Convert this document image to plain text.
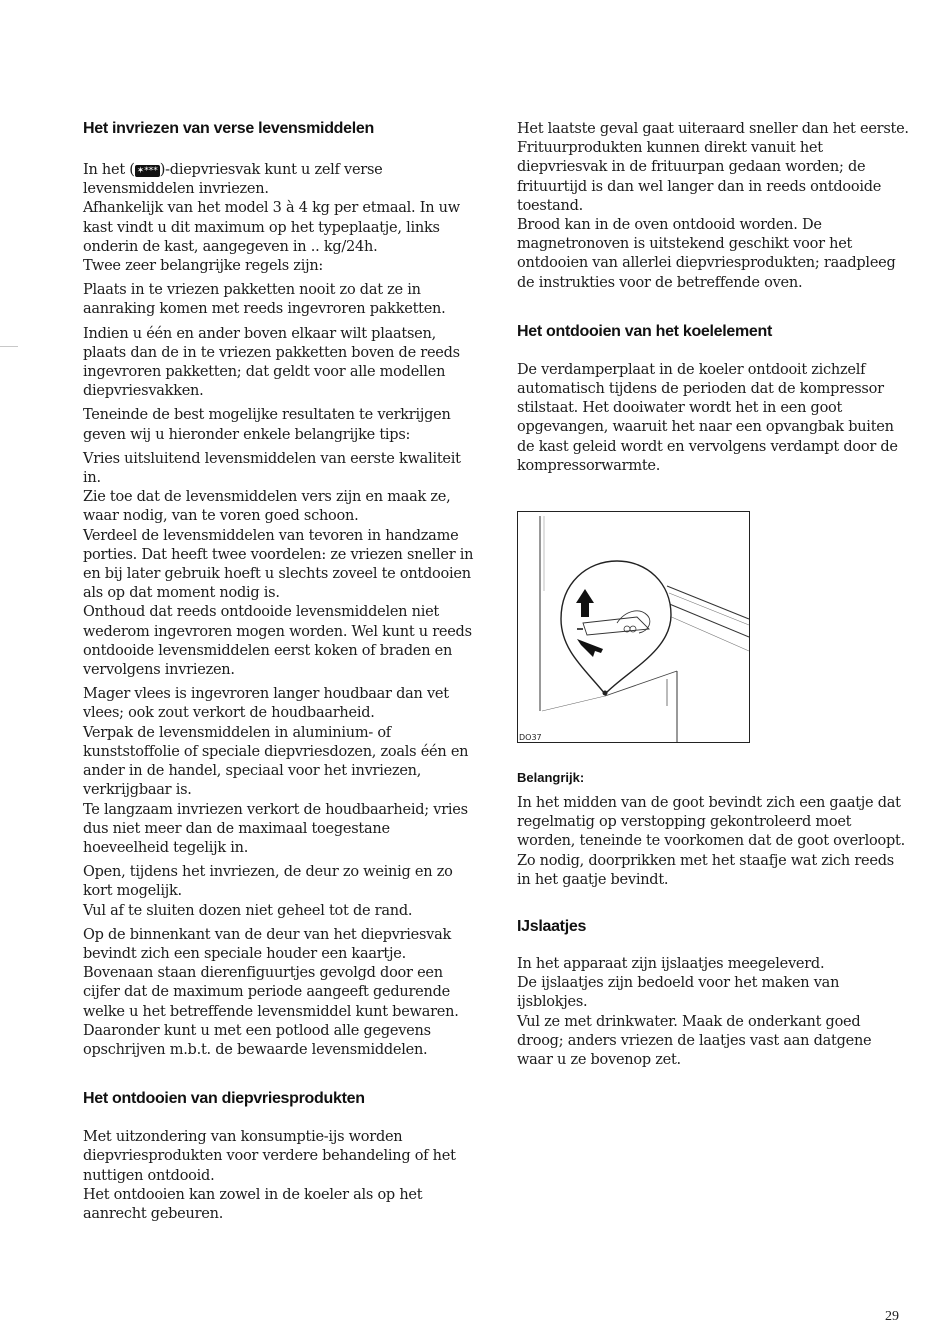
Het invriezen van verse levensmiddelen

In het ( ✶*** )-diepvriesvak kunt u zelf verse levensmiddelen invriezen.

Afhankelijk van het model 3 à 4 kg per etmaal. In uw kast vindt u dit maximum op het typeplaatje, links onderin de kast, aangegeven in .. kg/24h.

Twee zeer belangrijke regels zijn:

Plaats in te vriezen pakketten nooit zo dat ze in aanraking komen met reeds ingevroren pakketten.

Indien u één en ander boven elkaar wilt plaatsen, plaats dan de in te vriezen pakketten boven de reeds ingevroren pakketten; dat geldt voor alle modellen diepvriesvakken.

Teneinde de best mogelijke resultaten te verkrijgen geven wij u hieronder enkele belangrijke tips:

Vries uitsluitend levensmiddelen van eerste kwaliteit in.

Zie toe dat de levensmiddelen vers zijn en maak ze, waar nodig, van te voren goed schoon.

Verdeel de levensmiddelen van tevoren in handzame porties. Dat heeft twee voordelen: ze vriezen sneller in en bij later gebruik hoeft u slechts zoveel te ontdooien als op dat moment nodig is.

Onthoud dat reeds ontdooide levensmiddelen niet wederom ingevroren mogen worden. Wel kunt u reeds ontdooide levensmiddelen eerst koken of braden en vervolgens invriezen.

Mager vlees is ingevroren langer houdbaar dan vet vlees; ook zout verkort de houdbaarheid.

Verpak de levensmiddelen in aluminium- of kunststoffolie of speciale diepvriesdozen, zoals één en ander in de handel, speciaal voor het invriezen, verkrijgbaar is.

Te langzaam invriezen verkort de houdbaarheid; vries dus niet meer dan de maximaal toegestane hoeveelheid tegelijk in.

Open, tijdens het invriezen, de deur zo weinig en zo kort mogelijk.

Vul af te sluiten dozen niet geheel tot de rand.

Op de binnenkant van de deur van het diepvriesvak bevindt zich een speciale houder een kaartje. Bovenaan staan dierenfiguurtjes gevolgd door een cijfer dat de maximum periode aangeeft gedurende welke u het betreffende levensmiddel kunt bewaren. Daaronder kunt u met een potlood alle gegevens opschrijven m.b.t. de bewaarde levensmiddelen.

Het ontdooien van diepvriesprodukten

Met uitzondering van konsumptie-ijs worden diepvriesprodukten voor verdere behandeling of het nuttigen ontdooid.

Het ontdooien kan zowel in de koeler als op het aanrecht gebeuren.

Het laatste geval gaat uiteraard sneller dan het eerste.

Frituurprodukten kunnen direkt vanuit het diepvriesvak in de frituurpan gedaan worden; de frituurtijd is dan wel langer dan in reeds ontdooide toestand.

Brood kan in de oven ontdooid worden. De magnetronoven is uitstekend geschikt voor het ontdooien van allerlei diepvriesprodukten; raadpleeg de instrukties voor de betreffende oven.

Het ontdooien van het koelelement

De verdamperplaat in de koeler ontdooit zichzelf automatisch tijdens de perioden dat de kompressor stilstaat. Het dooiwater wordt het in een goot opgevangen, waaruit het naar een opvangbak buiten de kast geleid wordt en vervolgens verdampt door de kompressorwarmte.

DO37
Belangrijk:

In het midden van de goot bevindt zich een gaatje dat regelmatig op verstopping gekontroleerd moet worden, teneinde te voorkomen dat de goot overloopt.

Zo nodig, doorprikken met het staafje wat zich reeds in het gaatje bevindt.

IJslaatjes

In het apparaat zijn ijslaatjes meegeleverd.

De ijslaatjes zijn bedoeld voor het maken van ijsblokjes.

Vul ze met drinkwater. Maak de onderkant goed droog; anders vriezen de laatjes vast aan datgene waar u ze bovenop zet.

29
